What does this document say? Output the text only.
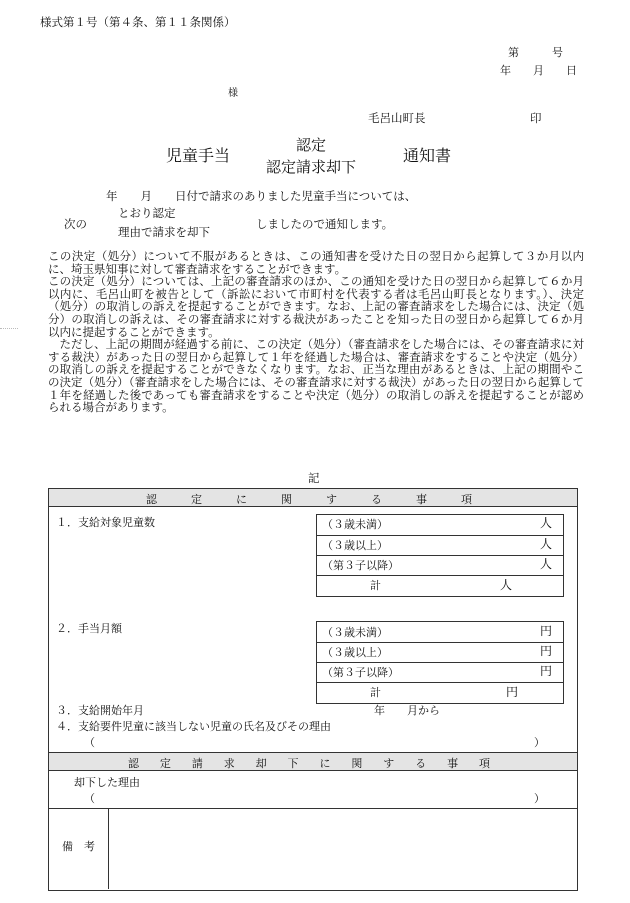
様式第１号（第４条、第１１条関係）
第　　　号
年　　月　　日
様
毛呂山町長	印
児童手当
認定
認定請求却下
通知書
年　　月　　日付で請求のありました児童手当については、
次の
とおり認定
理由で請求を却下
しましたので通知します。

この決定（処分）について不服があるときは、この通知書を受けた日の翌日から起算して３か月以内に、埼玉県知事に対して審査請求をすることができます。

この決定（処分）については、上記の審査請求のほか、この通知を受けた日の翌日から起算して６か月以内に、毛呂山町を被告として（訴訟において市町村を代表する者は毛呂山町長となります。）、決定（処分）の取消しの訴えを提起することができます。なお、上記の審査請求をした場合には、決定（処分）の取消しの訴えは、その審査請求に対する裁決があったことを知った日の翌日から起算して６か月以内に提起することができます。

ただし、上記の期間が経過する前に、この決定（処分）（審査請求をした場合には、その審査請求に対する裁決）があった日の翌日から起算して１年を経過した場合は、審査請求をすることや決定（処分）の取消しの訴えを提起することができなくなります。なお、正当な理由があるときは、上記の期間やこの決定（処分）（審査請求をした場合には、その審査請求に対する裁決）があった日の翌日から起算して１年を経過した後であっても審査請求をすることや決定（処分）の取消しの訴えを提起することが認められる場合があります。

記
認	定	に	関	す	る	事	項
１．支給対象児童数	（３歳未満）	人
（３歳以上）	人
（第３子以降）	人
計	人
２．手当月額	（３歳未満）	円
（３歳以上）	円
（第３子以降）	円
計	円
３．支給開始年月	年　　月から
４．支給要件児童に該当しない児童の氏名及びその理由
（	）
認 定 請 求 却 下 に 関 す る 事 項
却下した理由
（	）
備　考
